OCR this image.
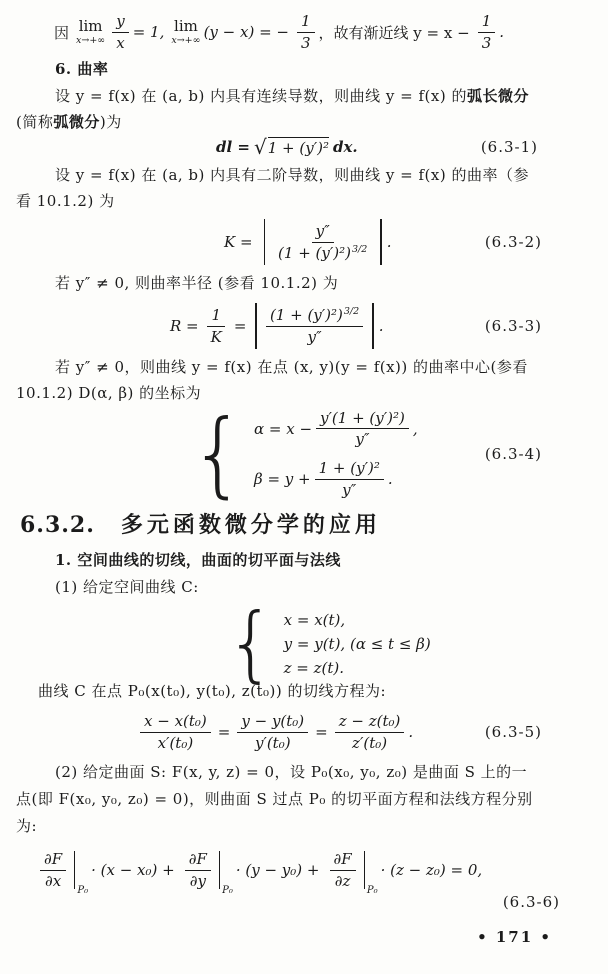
因 lim
$x\to+\infty \frac{y}{x} = 1$, lim
x→+∞ (y − x) = − $\frac{1}{3}$ ，故有渐近线 $y = x - \frac{1}{3}$ .
6. 曲率
设 y = f(x) 在 (a, b) 内具有连续导数，则曲线 y = f(x) 的弧长微分
(简称弧微分)为
dl = √ 1 + (y′)² dx.	(6.3-1)
设 y = f(x) 在 (a, b) 内具有二阶导数，则曲线 y = f(x) 的曲率（参
看 10.1.2) 为
$K = \frac{y''}{(1 + (y')^2)^{3/2}}$ .	(6.3-2)
若 y″ ≠ 0, 则曲率半径 (参看 10.1.2) 为
$R = \frac{1}{K} = \frac{(1 + (y')^2)^{3/2}}{y''}$ .	(6.3-3)
若 y″ ≠ 0，则曲线 y = f(x) 在点 (x, y)(y = f(x)) 的曲率中心(参看
10.1.2) D(α, β) 的坐标为
{ $\alpha = x - \frac{\text{y′(1 + (y′)²)}}{y''}$ ,
$\beta = y + \frac{\text{1 + (y′)²}}{y''}$ .
(6.3-4)
6.3.2. 多元函数微分学的应用
1. 空间曲线的切线，曲面的切平面与法线
(1) 给定空间曲线 C:
{ x = x(t),
y = y(t), (α ≤ t ≤ β)
z = z(t).
曲线 C 在点 P₀(x(t₀), y(t₀), z(t₀)) 的切线方程为:
$\frac{\text{x − x(t₀)}}{\text{x′(t₀)}} = \frac{\text{y − y(t₀)}}{\text{y′(t₀)}} = \frac{\text{z − z(t₀)}}{\text{z′(t₀)}}$ .	(6.3-5)
(2) 给定曲面 S: F(x, y, z) = 0，设 P₀(x₀, y₀, z₀) 是曲面 S 上的一
点(即 F(x₀, y₀, z₀) = 0)，则曲面 S 过点 P₀ 的切平面方程和法线方程分别
为:
$\frac{\partial F}{\partial x}$
P₀
· $(x - x_0) + \frac{\partial F}{\partial y}$
P₀
· $(y - y_0) + \frac{\partial F}{\partial z}$
P₀
· (z − z₀) = 0,
(6.3-6)
• 171 •
